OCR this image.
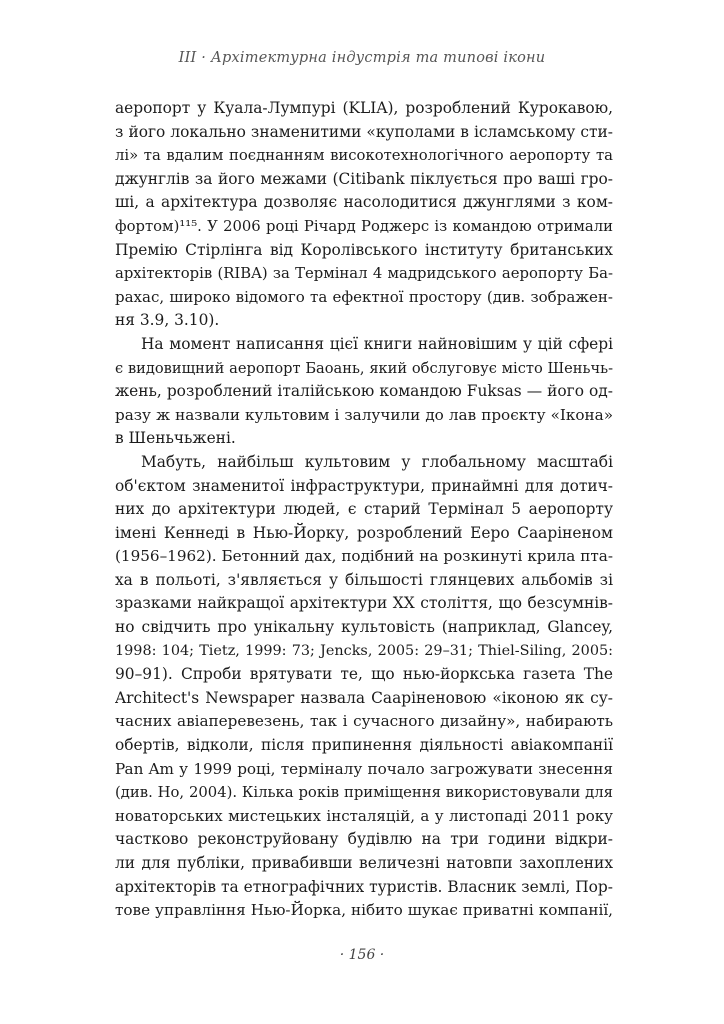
III · Архітектурна індустрія та типові ікони
аеропорт у Куала-Лумпурі (KLIA), розроблений Курокавою,
з його локально знаменитими «куполами в ісламському сти-
лі» та вдалим поєднанням високотехнологічного аеропорту та
джунглів за його межами (Citibank піклується про ваші гро-
ші, а архітектура дозволяє насолодитися джунглями з ком-
фортом)¹¹⁵. У 2006 році Річард Роджерс із командою отримали
Премію Стірлінга від Королівського інституту британських
архітекторів (RIBA) за Термінал 4 мадридського аеропорту Ба-
рахас, широко відомого та ефектної простору (див. зображен-
ня 3.9, 3.10).
На момент написання цієї книги найновішим у цій сфері
є видовищний аеропорт Баоань, який обслуговує місто Шеньчь-
жень, розроблений італійською командою Fuksas — його од-
разу ж назвали культовим і залучили до лав проєкту «Ікона»
в Шеньчьжені.
Мабуть, найбільш культовим у глобальному масштабі
об'єктом знаменитої інфраструктури, принаймні для дотич-
них до архітектури людей, є старий Термінал 5 аеропорту
імені Кеннеді в Нью-Йорку, розроблений Ееро Саарінeном
(1956–1962). Бетонний дах, подібний на розкинуті крила пта-
ха в польоті, з'являється у більшості глянцевих альбомів зі
зразками найкращої архітектури XX століття, що безсумнів-
но свідчить про унікальну культовість (наприклад, Glancey,
1998: 104; Tietz, 1999: 73; Jencks, 2005: 29–31; Thiel-Siling, 2005:
90–91). Спроби врятувати те, що нью-йоркська газета The
Architect's Newspaper назвала Саарінeновою «іконою як су-
часних авіаперевезень, так і сучасного дизайну», набирають
обертів, відколи, після припинення діяльності авіакомпанії
Pan Am у 1999 році, терміналу почало загрожувати знесення
(див. Ho, 2004). Кілька років приміщення використовували для
новаторських мистецьких інсталяцій, а у листопаді 2011 року
частково реконструйовану будівлю на три години відкри-
ли для публіки, привабивши величезні натовпи захоплених
архітекторів та етнографічних туристів. Власник землі, Пор-
тове управління Нью-Йорка, нібито шукає приватні компанії,
· 156 ·
